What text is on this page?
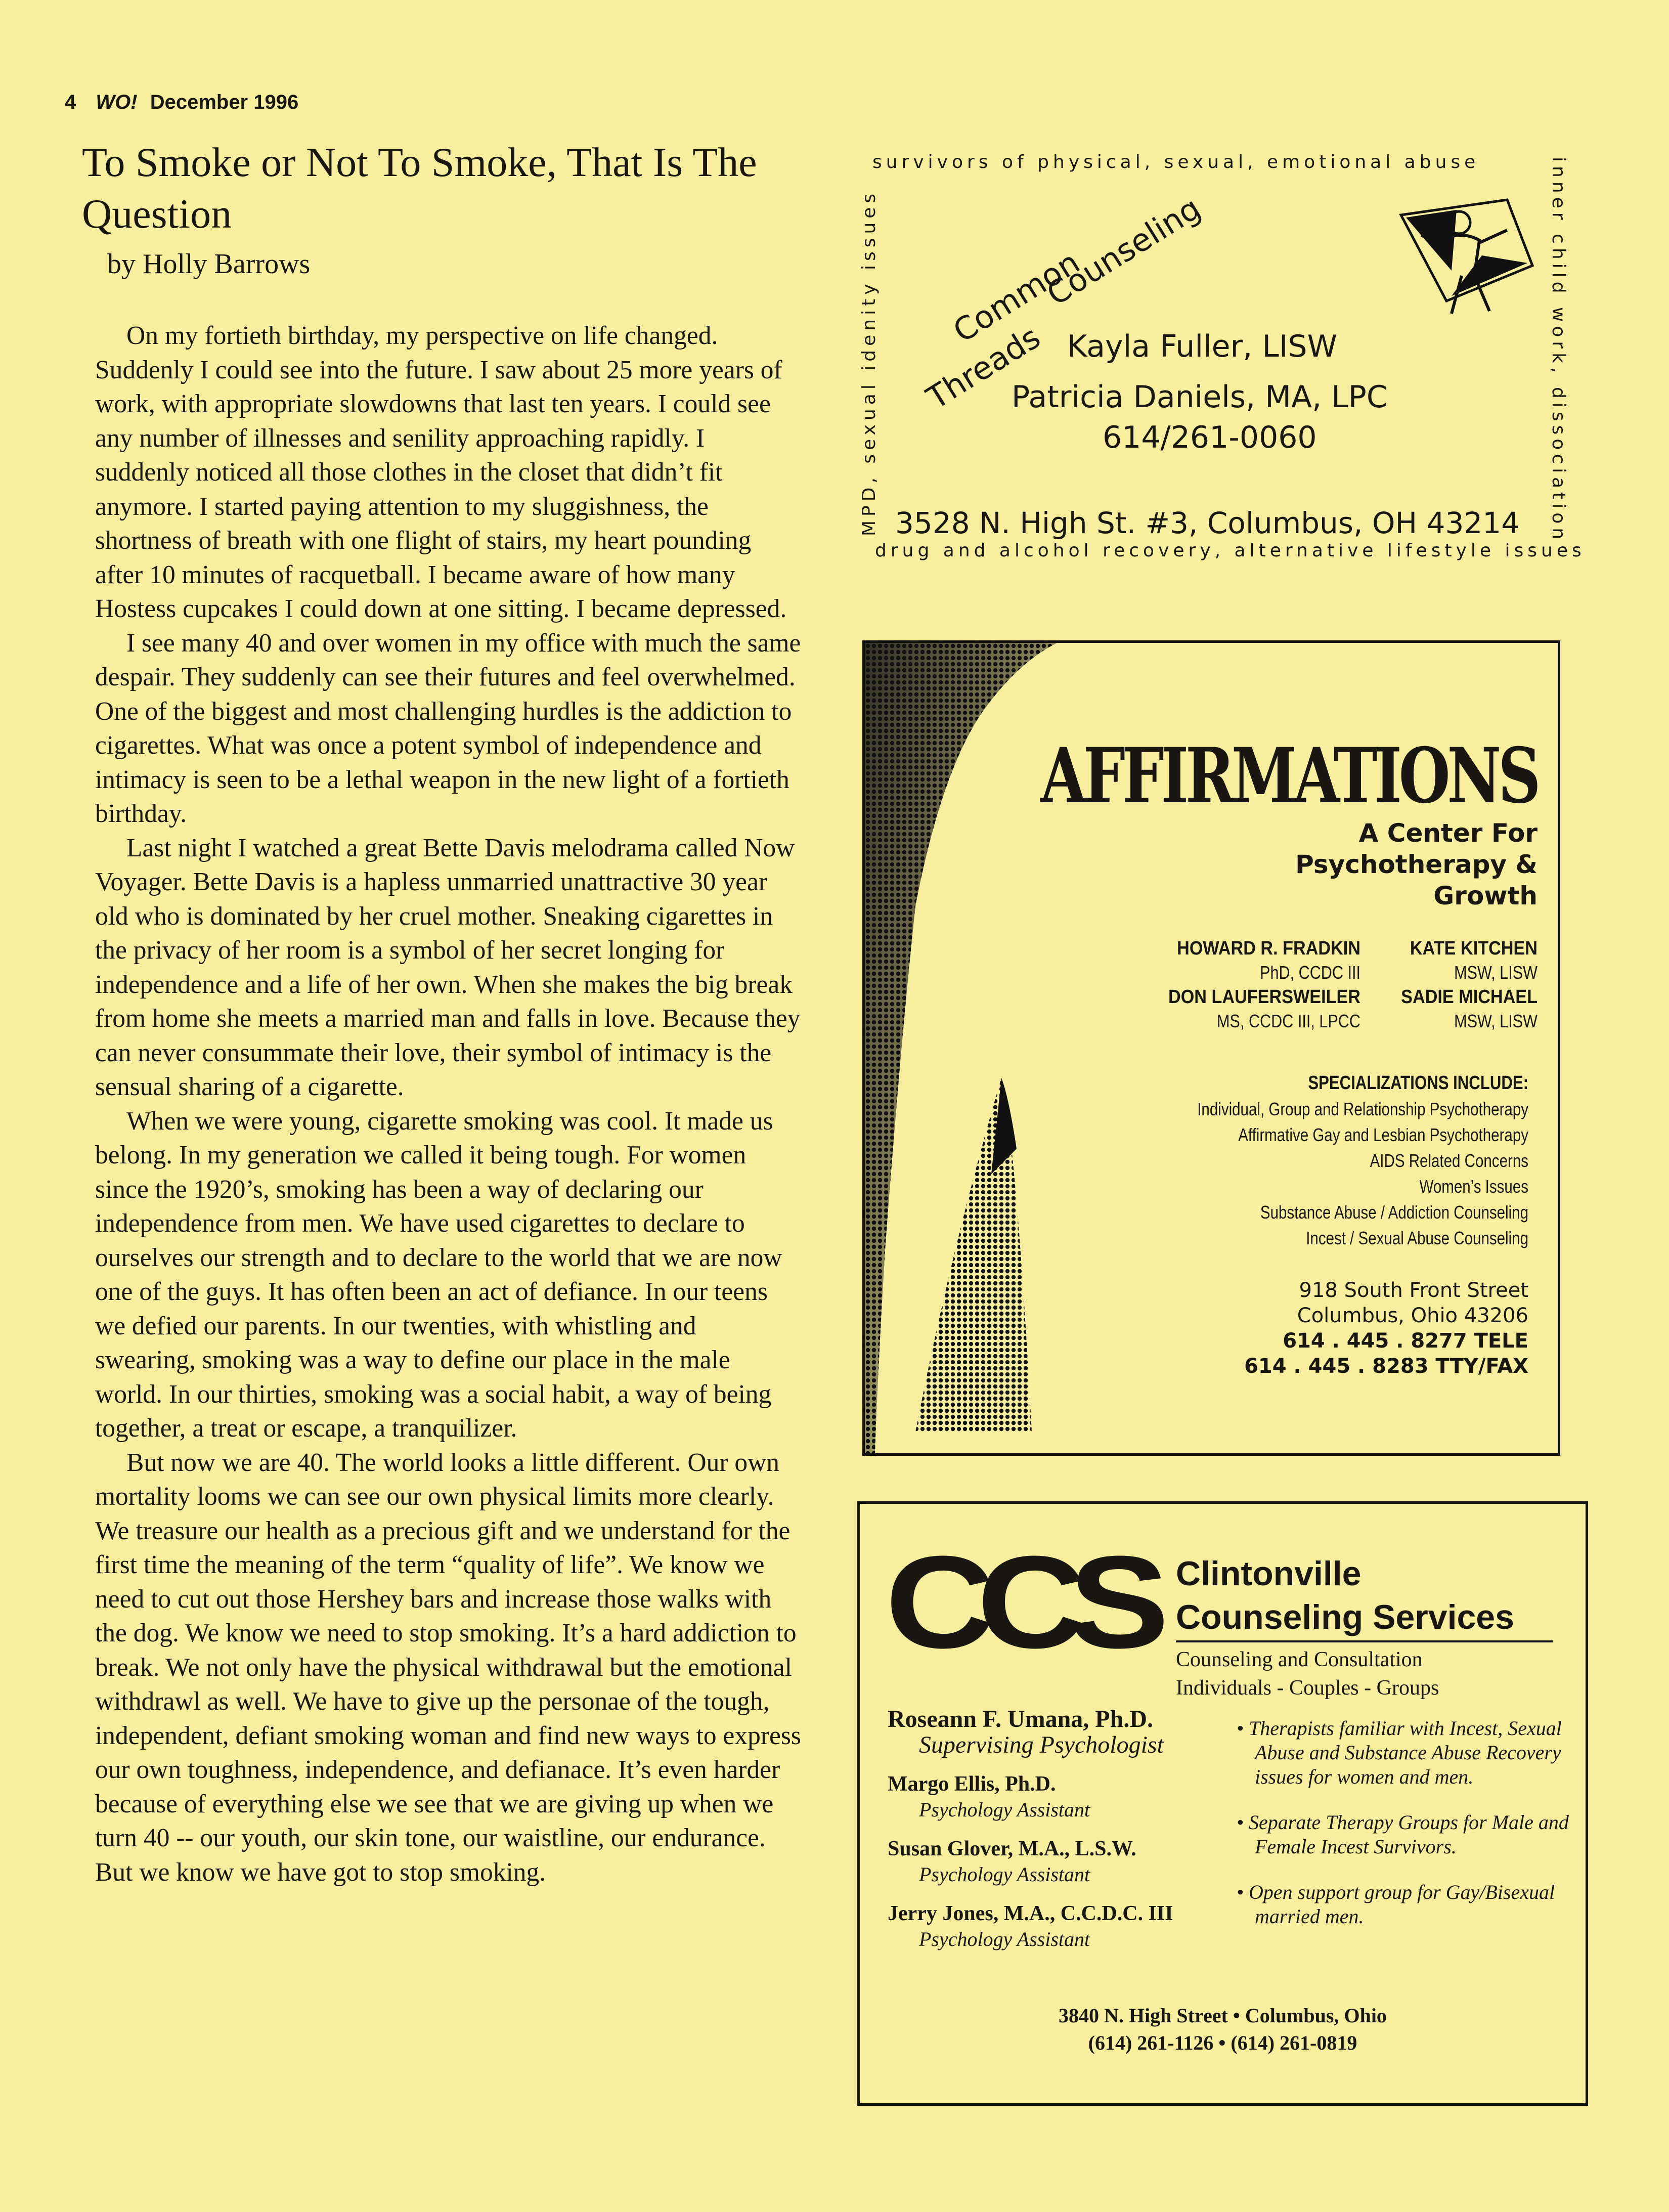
4 WO! December 1996
To Smoke or Not To Smoke, That Is The Question
by Holly Barrows

On my fortieth birthday, my perspective on life changed. Suddenly I could see into the future. I saw about 25 more years of work, with appropriate slowdowns that last ten years. I could see any number of illnesses and senility approaching rapidly. I suddenly noticed all those clothes in the closet that didn’t fit anymore. I started paying attention to my sluggishness, the shortness of breath with one flight of stairs, my heart pounding after 10 minutes of racquetball. I became aware of how many Hostess cupcakes I could down at one sitting. I became depressed.

I see many 40 and over women in my office with much the same despair. They suddenly can see their futures and feel overwhelmed. One of the biggest and most challenging hurdles is the addiction to cigarettes. What was once a potent symbol of independence and intimacy is seen to be a lethal weapon in the new light of a fortieth birthday.

Last night I watched a great Bette Davis melodrama called Now Voyager. Bette Davis is a hapless unmarried unattractive 30 year old who is dominated by her cruel mother. Sneaking cigarettes in the privacy of her room is a symbol of her secret longing for independence and a life of her own. When she makes the big break from home she meets a married man and falls in love. Because they can never consummate their love, their symbol of intimacy is the sensual sharing of a cigarette.

When we were young, cigarette smoking was cool. It made us belong. In my generation we called it being tough. For women since the 1920’s, smoking has been a way of declaring our independence from men. We have used cigarettes to declare to ourselves our strength and to declare to the world that we are now one of the guys. It has often been an act of defiance. In our teens we defied our parents. In our twenties, with whistling and swearing, smoking was a way to define our place in the male world. In our thirties, smoking was a social habit, a way of being together, a treat or escape, a tranquilizer.

But now we are 40. The world looks a little different. Our own mortality looms we can see our own physical limits more clearly. We treasure our health as a precious gift and we understand for the first time the meaning of the term “quality of life”. We know we need to cut out those Hershey bars and increase those walks with the dog. We know we need to stop smoking. It’s a hard addiction to break. We not only have the physical withdrawal but the emotional withdrawl as well. We have to give up the personae of the tough, independent, defiant smoking woman and find new ways to express our own toughness, independence, and defianace. It’s even harder because of everything else we see that we are giving up when we turn 40 -- our youth, our skin tone, our waistline, our endurance. But we know we have got to stop smoking.

survivors of physical, sexual, emotional abuse	inner child work, dissociation
MPD, sexual idenity issues
drug and alcohol recovery, alternative lifestyle issues
Common
Threads
Counseling
Kayla Fuller, LISW
Patricia Daniels, MA, LPC
614/261-0060
3528 N. High St. #3, Columbus, OH 43214
AFFIRMATIONS
A Center For
Psychotherapy &
Growth
HOWARD R. FRADKIN
PhD, CCDC III
DON LAUFERSWEILER
MS, CCDC III, LPCC
KATE KITCHEN
MSW, LISW
SADIE MICHAEL
MSW, LISW
SPECIALIZATIONS INCLUDE:
Individual, Group and Relationship Psychotherapy
Affirmative Gay and Lesbian Psychotherapy
AIDS Related Concerns
Women’s Issues
Substance Abuse / Addiction Counseling
Incest / Sexual Abuse Counseling
918 South Front Street
Columbus, Ohio 43206
614 . 445 . 8277 TELE
614 . 445 . 8283 TTY/FAX
CCS Clintonville
Counseling Services
Counseling and Consultation
Individuals - Couples - Groups
Roseann F. Umana, Ph.D.
Supervising Psychologist
Margo Ellis, Ph.D.
Psychology Assistant
Susan Glover, M.A., L.S.W.
Psychology Assistant
Jerry Jones, M.A., C.C.D.C. III
Psychology Assistant
• Therapists familiar with Incest, Sexual Abuse and Substance Abuse Recovery issues for women and men.
• Separate Therapy Groups for Male and Female Incest Survivors.
• Open support group for Gay/Bisexual married men.
3840 N. High Street • Columbus, Ohio
(614) 261-1126 • (614) 261-0819
